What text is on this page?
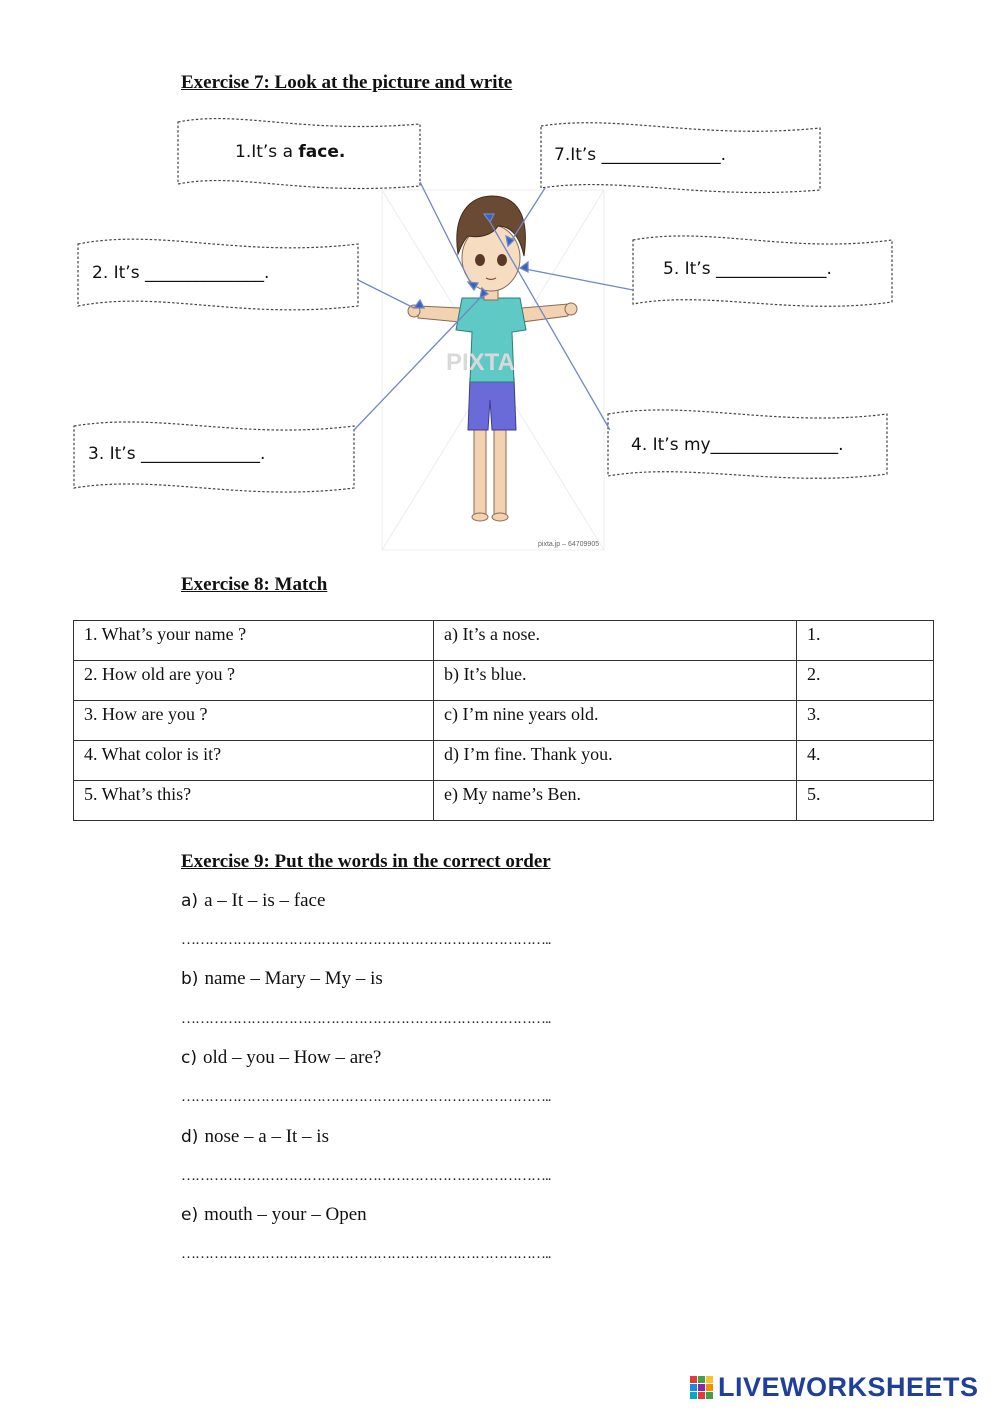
Exercise 7: Look at the picture and write
PIXTA
pixta.jp – 64709905
1.It’s a face.	7.It’s ______________.
2. It’s ______________.	5. It’s _____________.
3. It’s ______________.	4. It’s my_______________.
Exercise 8: Match
1. What’s your name ?	a) It’s a nose.	1.
2. How old are you ?	b) It’s blue.	2.
3. How are you ?	c) I’m nine years old.	3.
4. What color is it?	d) I’m fine. Thank you.	4.
5. What’s this?	e) My name’s Ben.	5.
Exercise 9: Put the words in the correct order
a) a – It – is – face
……………………………………………………………………..
b) name – Mary – My – is
……………………………………………………………………..
c) old – you – How – are?
……………………………………………………………………..
d) nose – a – It – is
……………………………………………………………………..
e) mouth – your – Open
……………………………………………………………………..
LIVEWORKSHEETS
